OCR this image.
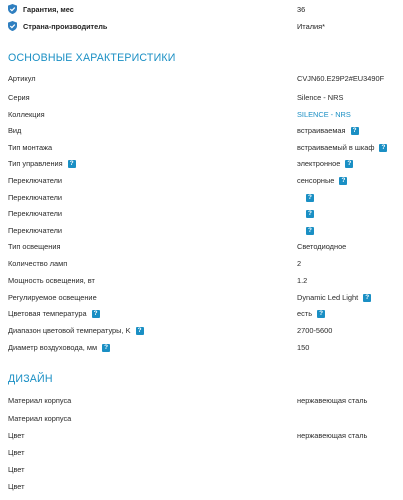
Гарантия, мес	36
Страна-производитель	Италия*
ОСНОВНЫЕ ХАРАКТЕРИСТИКИ
Артикул	CVJN60.E29P2#EU3490F
Серия	Silence - NRS
Коллекция	SILENCE - NRS
Вид	встраиваемая	?
Тип монтажа	встраиваемый в шкаф	?
Тип управления	?	электронное	?
Переключатели	сенсорные	?
Переключатели	?
Переключатели	?
Переключатели	?
Тип освещения	Светодиодное
Количество ламп	2
Мощность освещения, вт	1.2
Регулируемое освещение	Dynamic Led Light	?
Цветовая температура	?	есть	?
Диапазон цветовой температуры, K	?	2700-5600
Диаметр воздуховода, мм	?	150
ДИЗАЙН
Материал корпуса	нержавеющая сталь
Материал корпуса
Цвет	нержавеющая сталь
Цвет
Цвет
Цвет
